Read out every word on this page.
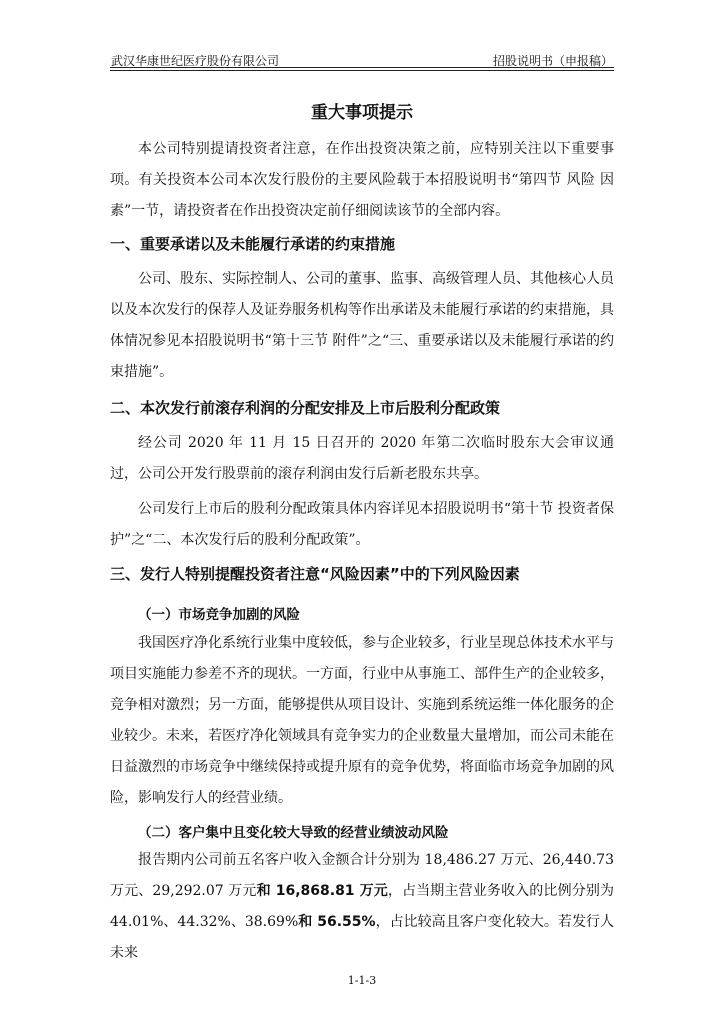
武汉华康世纪医疗股份有限公司	招股说明书（申报稿）
重大事项提示

本公司特别提请投资者注意，在作出投资决策之前，应特别关注以下重要事 项。有关投资本公司本次发行股份的主要风险载于本招股说明书“第四节 风险 因素”一节，请投资者在作出投资决定前仔细阅读该节的全部内容。

一、重要承诺以及未能履行承诺的约束措施

公司、股东、实际控制人、公司的董事、监事、高级管理人员、其他核心人员以及本次发行的保荐人及证券服务机构等作出承诺及未能履行承诺的约束措施，具体情况参见本招股说明书“第十三节 附件”之“三、重要承诺以及未能履行承诺的约束措施”。

二、本次发行前滚存利润的分配安排及上市后股利分配政策

经公司 2020 年 11 月 15 日召开的 2020 年第二次临时股东大会审议通过，公司公开发行股票前的滚存利润由发行后新老股东共享。

公司发行上市后的股利分配政策具体内容详见本招股说明书“第十节 投资者保护”之“二、本次发行后的股利分配政策”。

三、发行人特别提醒投资者注意“风险因素”中的下列风险因素
（一）市场竞争加剧的风险

我国医疗净化系统行业集中度较低，参与企业较多，行业呈现总体技术水平与项目实施能力参差不齐的现状。一方面，行业中从事施工、部件生产的企业较多，竞争相对激烈；另一方面，能够提供从项目设计、实施到系统运维一体化服务的企业较少。未来，若医疗净化领域具有竞争实力的企业数量大量增加，而公司未能在日益激烈的市场竞争中继续保持或提升原有的竞争优势，将面临市场竞争加剧的风险，影响发行人的经营业绩。

（二）客户集中且变化较大导致的经营业绩波动风险

报告期内公司前五名客户收入金额合计分别为 18,486.27 万元、26,440.73 万元、29,292.07 万元和 16,868.81 万元，占当期主营业务收入的比例分别为 44.01%、44.32%、38.69%和 56.55%，占比较高且客户变化较大。若发行人未来

1-1-3
